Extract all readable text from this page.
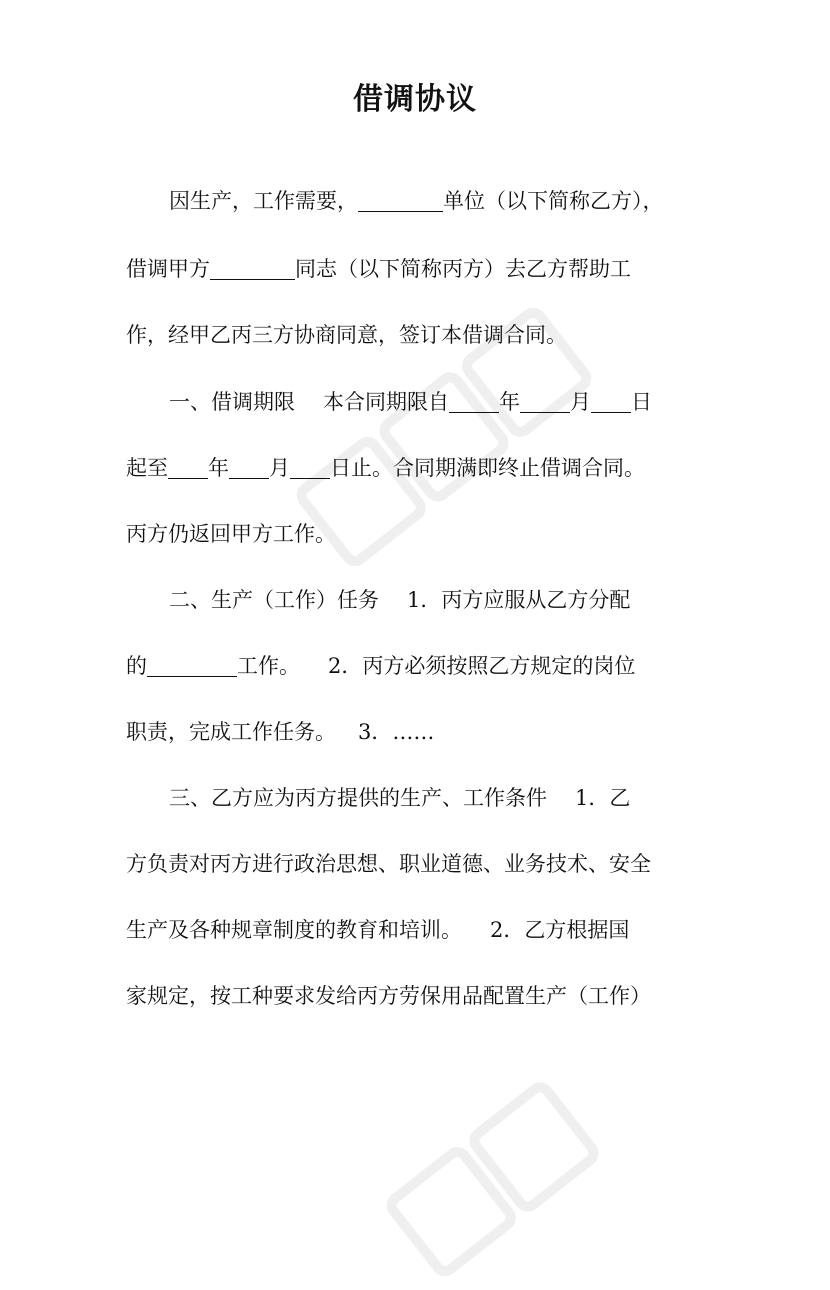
借调协议
因生产，工作需要，	单位（以下简称乙方），
借调甲方	同志（以下简称丙方）去乙方帮助工
作，经甲乙丙三方协商同意，签订本借调合同。
一、借调期限 本合同期限自 年 月 日
起至 年 月 日止。合同期满即终止借调合同。
丙方仍返回甲方工作。
二、生产（工作）任务 1．丙方应服从乙方分配
的	工作。 2．丙方必须按照乙方规定的岗位
职责，完成工作任务。 3．……
三、乙方应为丙方提供的生产、工作条件 1．乙
方负责对丙方进行政治思想、职业道德、业务技术、安全
生产及各种规章制度的教育和培训。 2．乙方根据国
家规定，按工种要求发给丙方劳保用品配置生产（工作）
